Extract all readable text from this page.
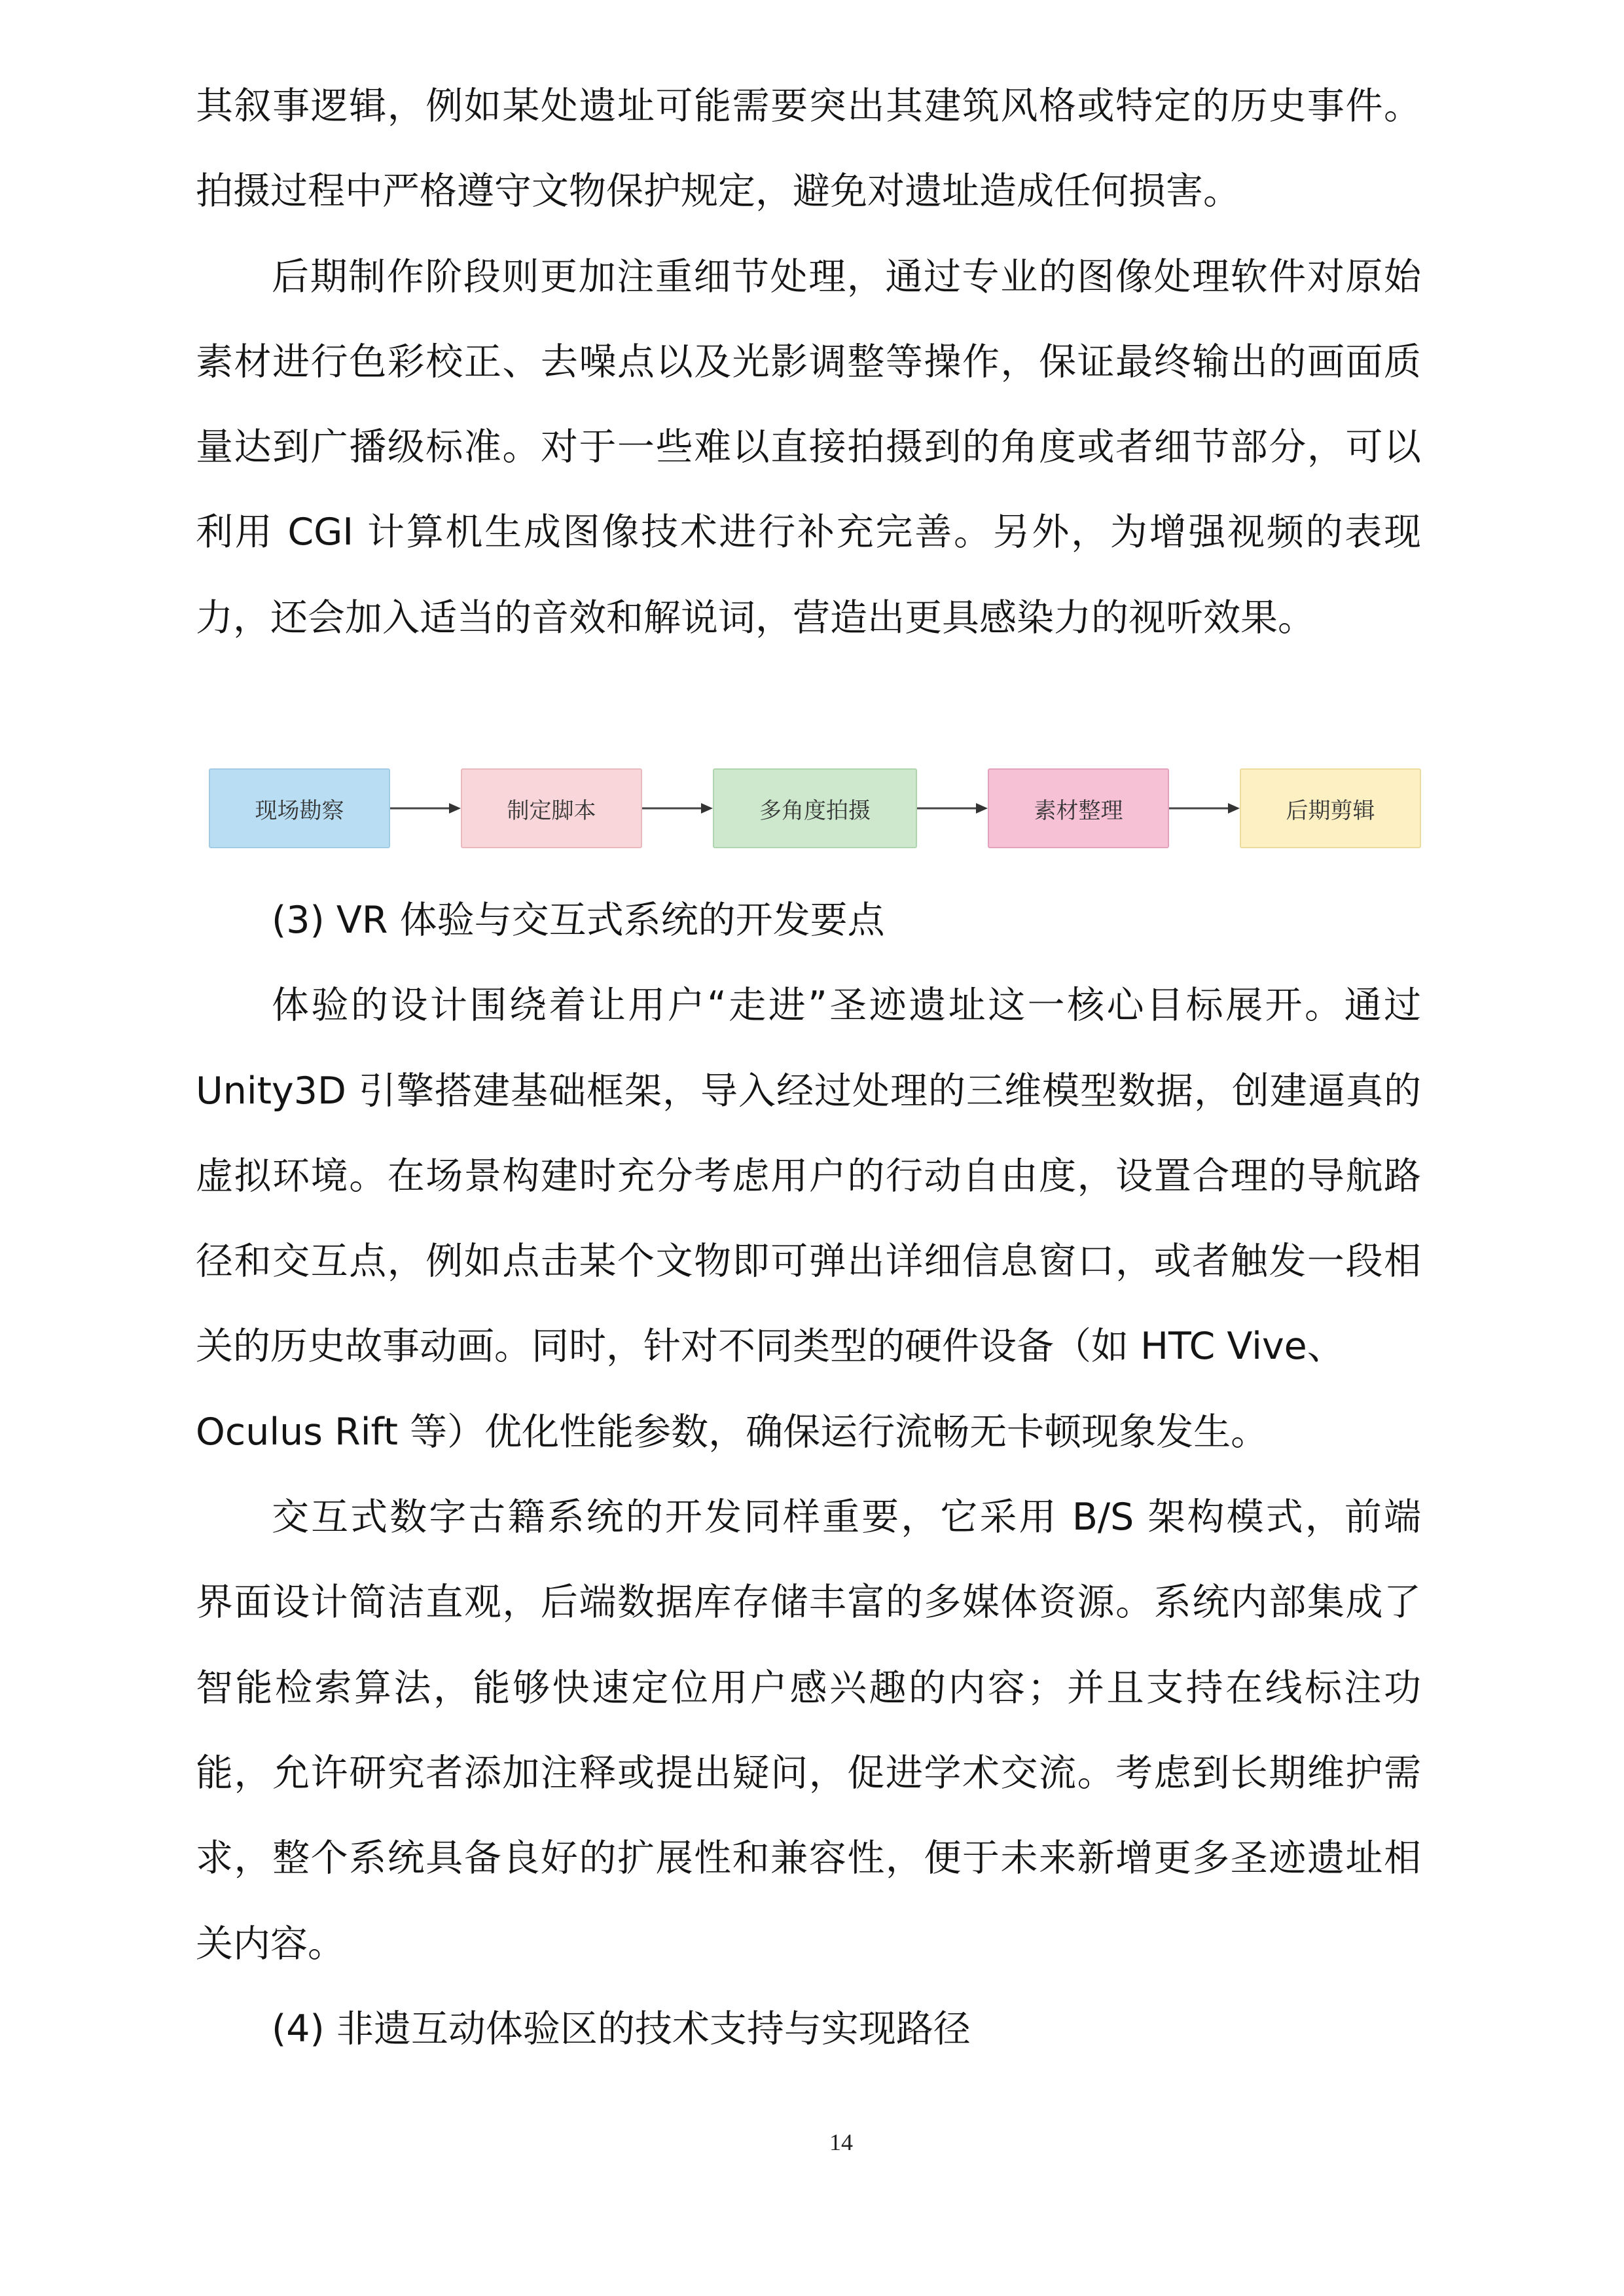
其叙事逻辑，例如某处遗址可能需要突出其建筑风格或特定的历史事件。
拍摄过程中严格遵守文物保护规定，避免对遗址造成任何损害。
后期制作阶段则更加注重细节处理，通过专业的图像处理软件对原始
素材进行色彩校正、去噪点以及光影调整等操作，保证最终输出的画面质
量达到广播级标准。对于一些难以直接拍摄到的角度或者细节部分，可以
利用 CGI 计算机生成图像技术进行补充完善。另外，为增强视频的表现
力，还会加入适当的音效和解说词，营造出更具感染力的视听效果。
现场勘察	制定脚本	多角度拍摄	素材整理	后期剪辑
(3) VR 体验与交互式系统的开发要点
体验的设计围绕着让用户“走进”圣迹遗址这一核心目标展开。通过
Unity3D 引擎搭建基础框架，导入经过处理的三维模型数据，创建逼真的
虚拟环境。在场景构建时充分考虑用户的行动自由度，设置合理的导航路
径和交互点，例如点击某个文物即可弹出详细信息窗口，或者触发一段相
关的历史故事动画。同时，针对不同类型的硬件设备（如 HTC Vive、
Oculus Rift 等）优化性能参数，确保运行流畅无卡顿现象发生。
交互式数字古籍系统的开发同样重要，它采用 B/S 架构模式，前端
界面设计简洁直观，后端数据库存储丰富的多媒体资源。系统内部集成了
智能检索算法，能够快速定位用户感兴趣的内容；并且支持在线标注功
能，允许研究者添加注释或提出疑问，促进学术交流。考虑到长期维护需
求，整个系统具备良好的扩展性和兼容性，便于未来新增更多圣迹遗址相
关内容。
(4) 非遗互动体验区的技术支持与实现路径
14
